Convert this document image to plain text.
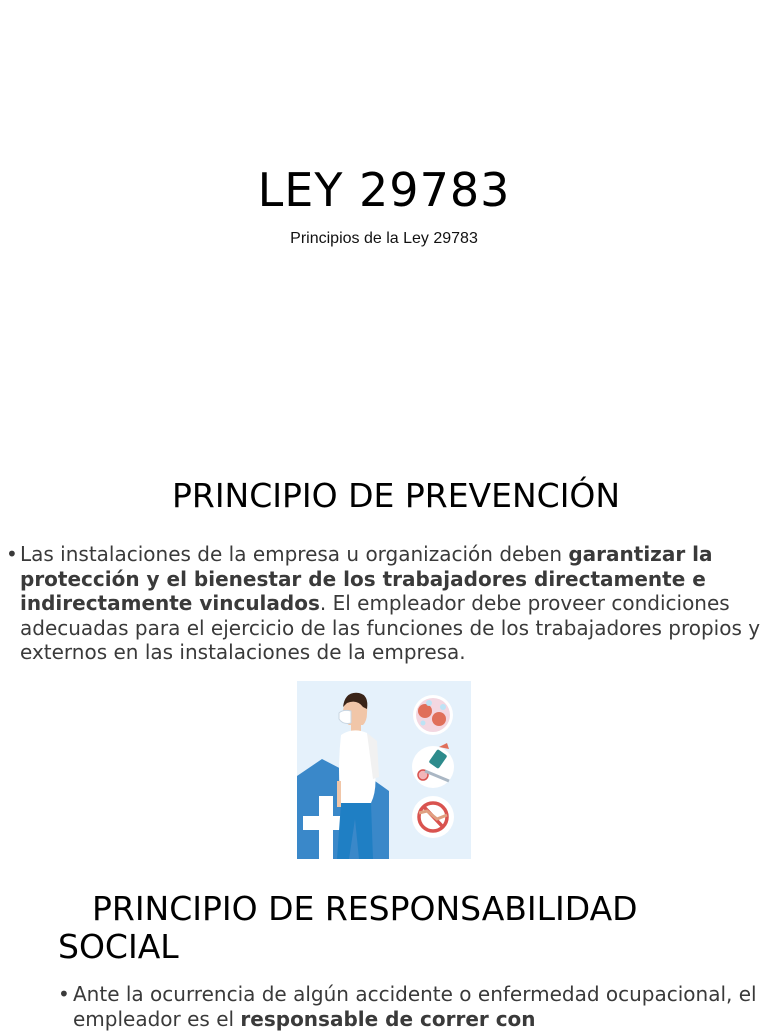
LEY 29783
Principios de la Ley 29783
PRINCIPIO DE PREVENCIÓN
• Las instalaciones de la empresa u organización deben garantizar la protección y el bienestar de los trabajadores directamente e indirectamente vinculados. El empleador debe proveer condiciones adecuadas para el ejercicio de las funciones de los trabajadores propios y externos en las instalaciones de la empresa.
PRINCIPIO DE RESPONSABILIDAD SOCIAL
• Ante la ocurrencia de algún accidente o enfermedad ocupacional, el empleador es el responsable de correr con
